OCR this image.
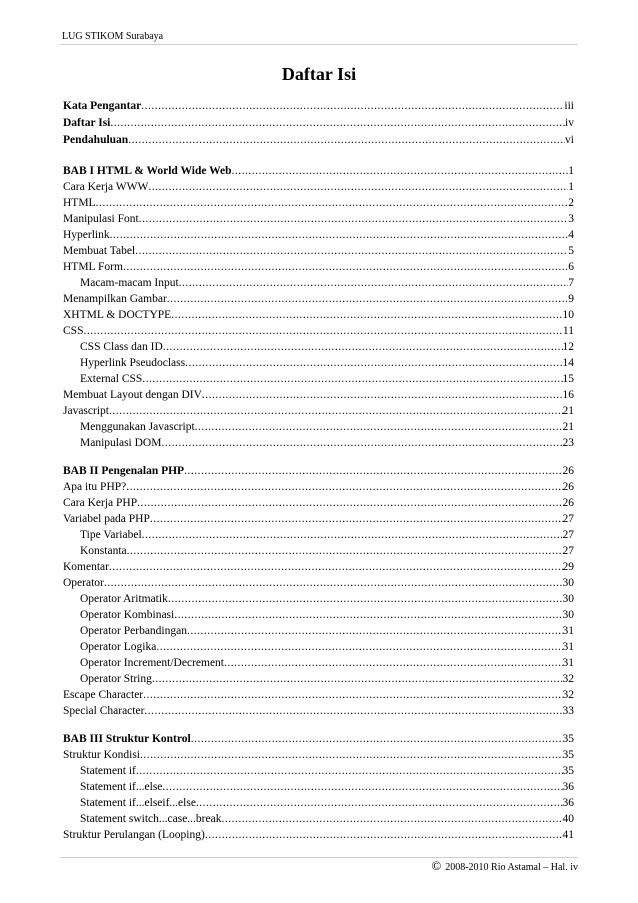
LUG STIKOM Surabaya
Daftar Isi
Kata Pengantar .....	iii
Daftar Isi .....	iv
Pendahuluan .....	vi
BAB I HTML & World Wide Web .....	1
Cara Kerja WWW .....	1
HTML .....	2
Manipulasi Font .....	3
Hyperlink .....	4
Membuat Tabel .....	5
HTML Form .....	6
Macam-macam Input .....	7
Menampilkan Gambar .....	9
XHTML & DOCTYPE .....	10
CSS .....	11
CSS Class dan ID .....	12
Hyperlink Pseudoclass .....	14
External CSS .....	15
Membuat Layout dengan DIV .....	16
Javascript .....	21
Menggunakan Javascript .....	21
Manipulasi DOM .....	23
BAB II Pengenalan PHP .....	26
Apa itu PHP? .....	26
Cara Kerja PHP .....	26
Variabel pada PHP .....	27
Tipe Variabel .....	27
Konstanta .....	27
Komentar .....	29
Operator .....	30
Operator Aritmatik .....	30
Operator Kombinasi .....	30
Operator Perbandingan .....	31
Operator Logika .....	31
Operator Increment/Decrement .....	31
Operator String .....	32
Escape Character .....	32
Special Character .....	33
BAB III Struktur Kontrol .....	35
Struktur Kondisi .....	35
Statement if .....	35
Statement if...else .....	36
Statement if...elseif...else .....	36
Statement switch...case...break .....	40
Struktur Perulangan (Looping) .....	41
© 2008-2010 Rio Astamal – Hal. iv
